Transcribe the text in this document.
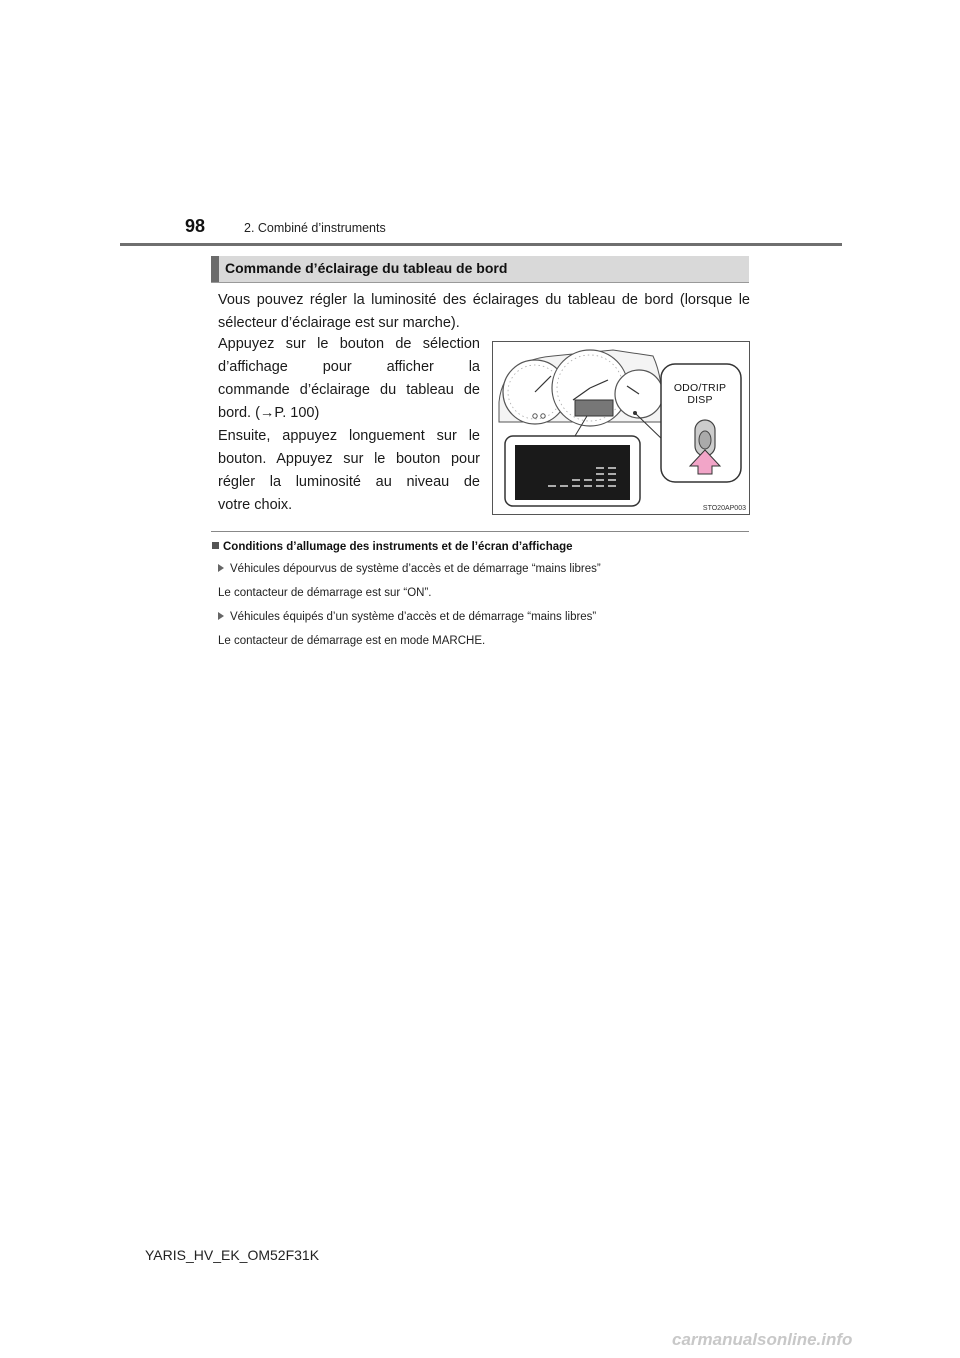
98	2. Combiné d’instruments
Commande d’éclairage du tableau de bord
Vous pouvez régler la luminosité des éclairages du tableau de bord (lorsque le sélecteur d’éclairage est sur marche).

Appuyez sur le bouton de sélection

d’affichage pour afficher la

commande d’éclairage du tableau de

bord. (→P. 100)

Ensuite, appuyez longuement sur le

bouton. Appuyez sur le bouton pour

régler la luminosité au niveau de

votre choix.

ODO/TRIP
DISP
STO20AP003
Conditions d’allumage des instruments et de l’écran d’affichage
Véhicules dépourvus de système d’accès et de démarrage “mains libres”
Le contacteur de démarrage est sur “ON”.
Véhicules équipés d’un système d’accès et de démarrage “mains libres”
Le contacteur de démarrage est en mode MARCHE.
YARIS_HV_EK_OM52F31K
carmanualsonline.info
